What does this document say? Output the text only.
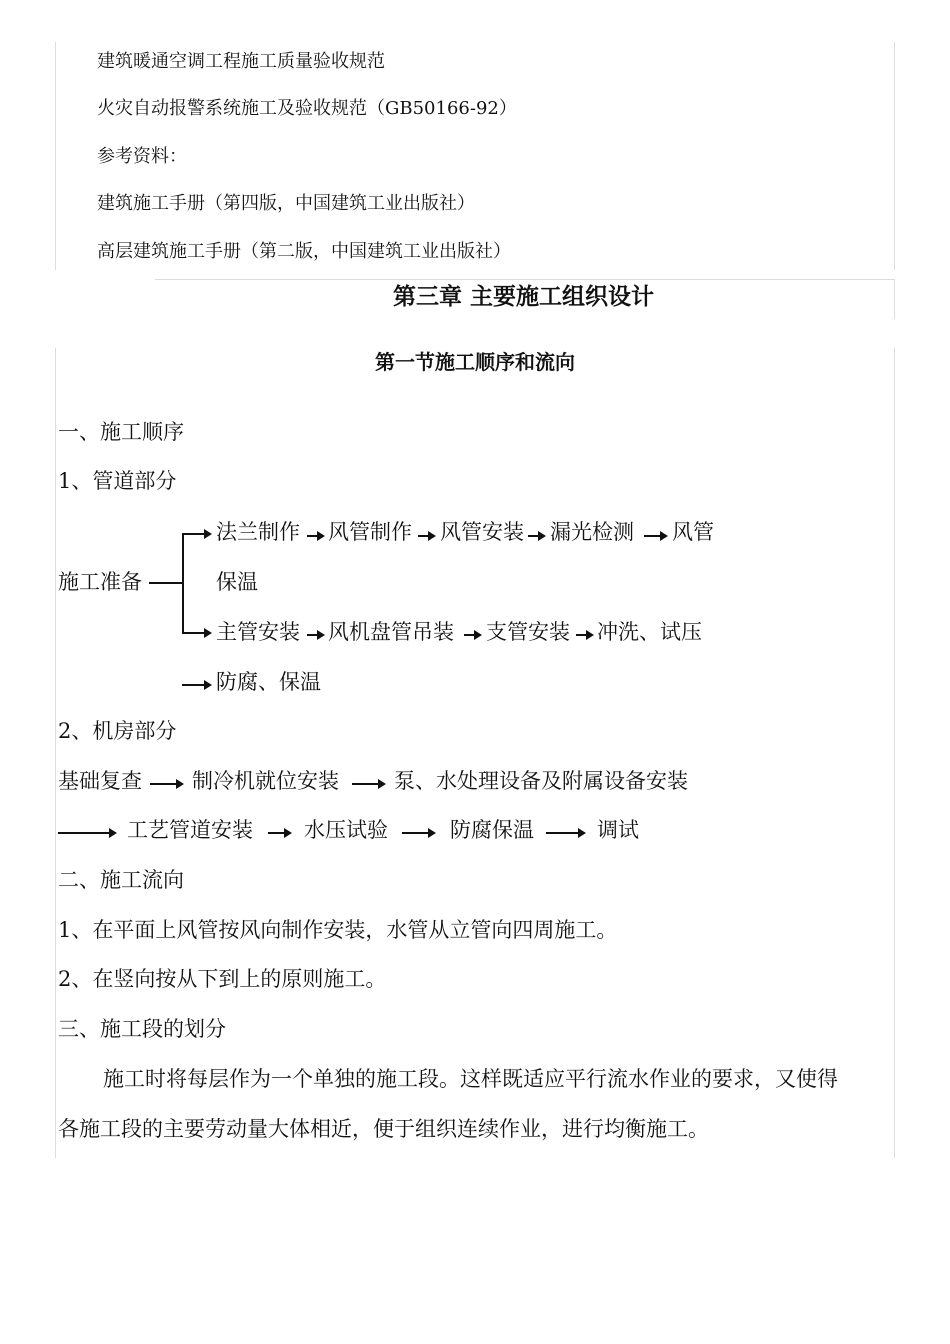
建筑暖通空调工程施工质量验收规范
火灾自动报警系统施工及验收规范（GB50166-92）
参考资料：
建筑施工手册（第四版，中国建筑工业出版社）
高层建筑施工手册（第二版，中国建筑工业出版社）
第三章 主要施工组织设计
第一节施工顺序和流向
一、施工顺序
1、管道部分
施工准备
法兰制作 风管制作 风管安装 漏光检测 风管
保温
主管安装 风机盘管吊装 支管安装 冲洗、试压
防腐、保温
2、机房部分
基础复查 制冷机就位安装	泵、水处理设备及附属设备安装
工艺管道安装 水压试验	防腐保温	调试
二、施工流向
1、在平面上风管按风向制作安装，水管从立管向四周施工。
2、在竖向按从下到上的原则施工。
三、施工段的划分
施工时将每层作为一个单独的施工段。这样既适应平行流水作业的要求，又使得
各施工段的主要劳动量大体相近，便于组织连续作业，进行均衡施工。
